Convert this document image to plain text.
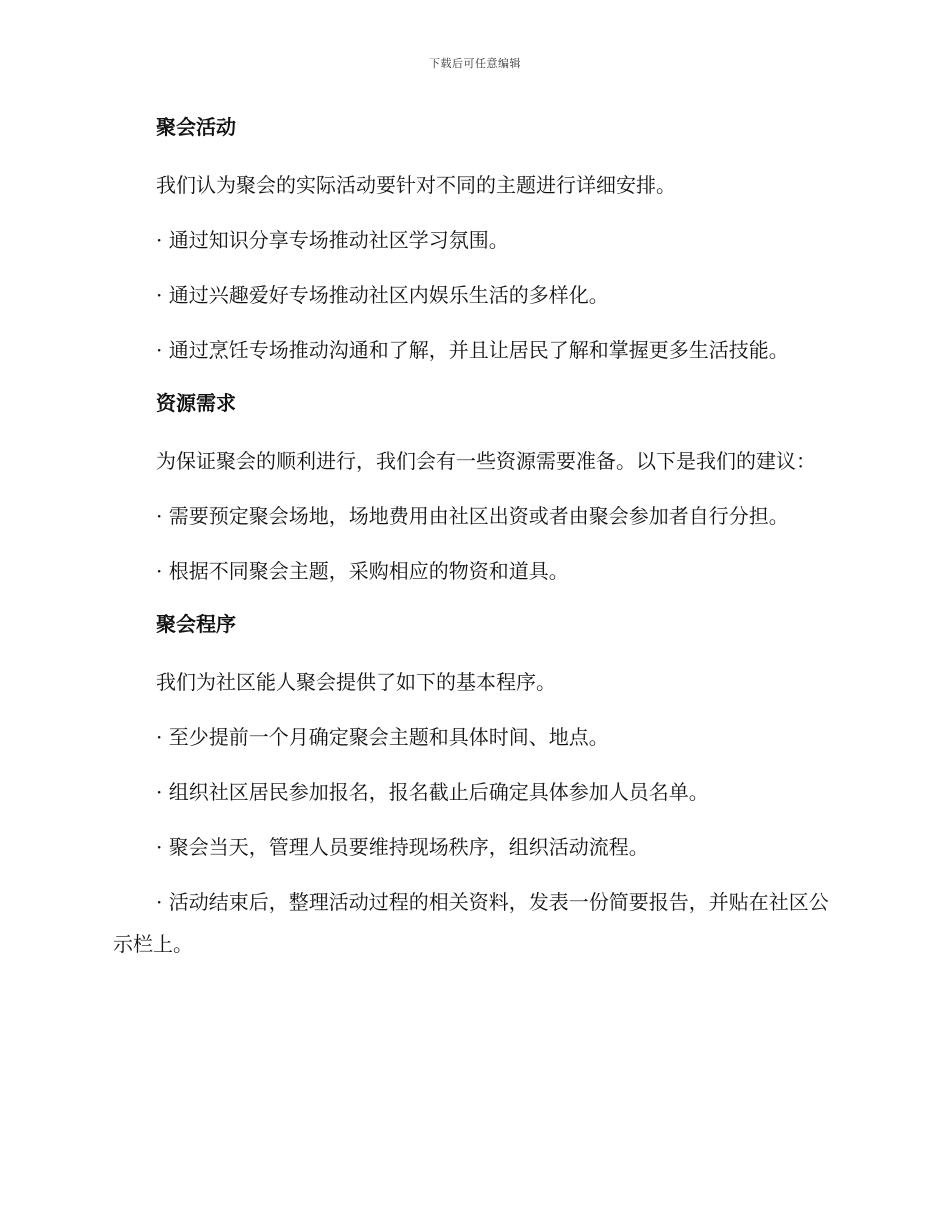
下载后可任意编辑
聚会活动

我们认为聚会的实际活动要针对不同的主题进行详细安排。

· 通过知识分享专场推动社区学习氛围。

· 通过兴趣爱好专场推动社区内娱乐生活的多样化。

· 通过烹饪专场推动沟通和了解，并且让居民了解和掌握更多生活技能。

资源需求

为保证聚会的顺利进行，我们会有一些资源需要准备。以下是我们的建议：

· 需要预定聚会场地，场地费用由社区出资或者由聚会参加者自行分担。

· 根据不同聚会主题，采购相应的物资和道具。

聚会程序

我们为社区能人聚会提供了如下的基本程序。

· 至少提前一个月确定聚会主题和具体时间、地点。

· 组织社区居民参加报名，报名截止后确定具体参加人员名单。

· 聚会当天，管理人员要维持现场秩序，组织活动流程。

· 活动结束后，整理活动过程的相关资料，发表一份简要报告，并贴在社区公示栏上。
